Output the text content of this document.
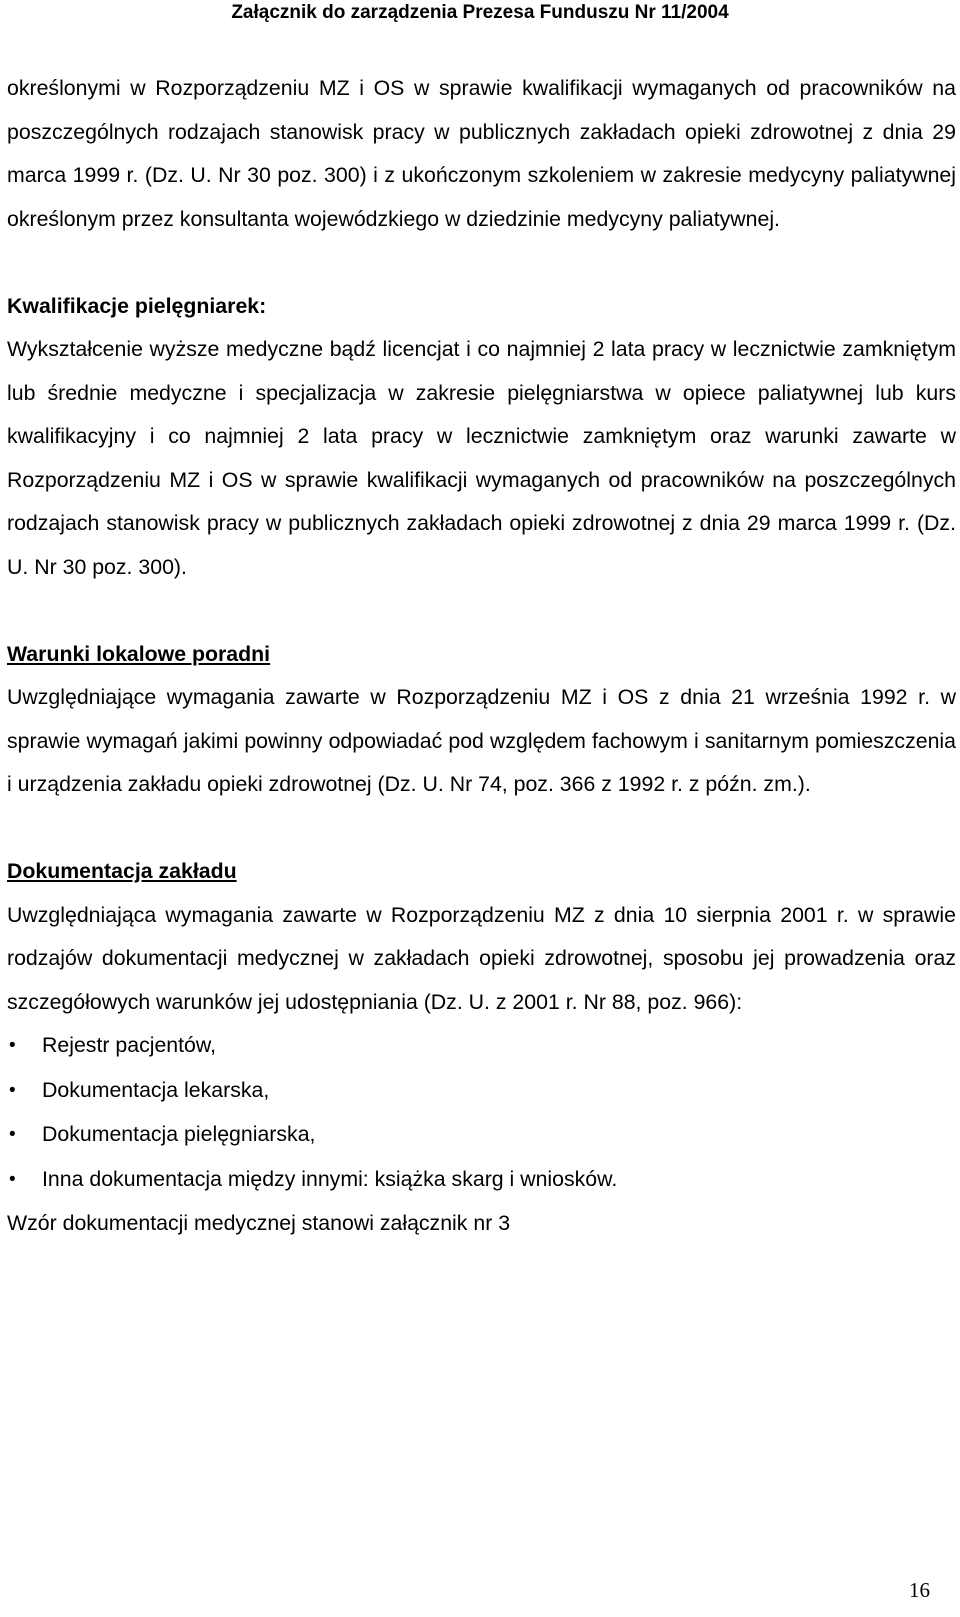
Załącznik do zarządzenia Prezesa Funduszu Nr 11/2004

określonymi w Rozporządzeniu MZ i OS w sprawie kwalifikacji wymaganych od pracowników na poszczególnych rodzajach stanowisk pracy w publicznych zakładach opieki zdrowotnej z dnia 29 marca 1999 r. (Dz. U. Nr 30 poz. 300) i z ukończonym szkoleniem w zakresie medycyny paliatywnej określonym przez konsultanta wojewódzkiego w dziedzinie medycyny paliatywnej.

Kwalifikacje pielęgniarek:

Wykształcenie wyższe medyczne bądź licencjat i co najmniej 2 lata pracy w lecznictwie zamkniętym lub średnie medyczne i specjalizacja w zakresie pielęgniarstwa w opiece paliatywnej lub kurs kwalifikacyjny i co najmniej 2 lata pracy w lecznictwie zamkniętym oraz warunki zawarte w Rozporządzeniu MZ i OS w sprawie kwalifikacji wymaganych od pracowników na poszczególnych rodzajach stanowisk pracy w publicznych zakładach opieki zdrowotnej z dnia 29 marca 1999 r. (Dz. U. Nr 30 poz. 300).

Warunki lokalowe poradni

Uwzględniające wymagania zawarte w Rozporządzeniu MZ i OS z dnia 21 września 1992 r. w sprawie wymagań jakimi powinny odpowiadać pod względem fachowym i sanitarnym pomieszczenia i urządzenia zakładu opieki zdrowotnej (Dz. U. Nr 74, poz. 366 z 1992 r. z późn. zm.).

Dokumentacja zakładu

Uwzględniająca wymagania zawarte w Rozporządzeniu MZ z dnia 10 sierpnia 2001 r. w sprawie rodzajów dokumentacji medycznej w zakładach opieki zdrowotnej, sposobu jej prowadzenia oraz szczegółowych warunków jej udostępniania (Dz. U. z 2001 r. Nr 88, poz. 966):

• Rejestr pacjentów,
• Dokumentacja lekarska,
• Dokumentacja pielęgniarska,
• Inna dokumentacja między innymi: książka skarg i wniosków.

Wzór dokumentacji medycznej stanowi załącznik nr 3

16
